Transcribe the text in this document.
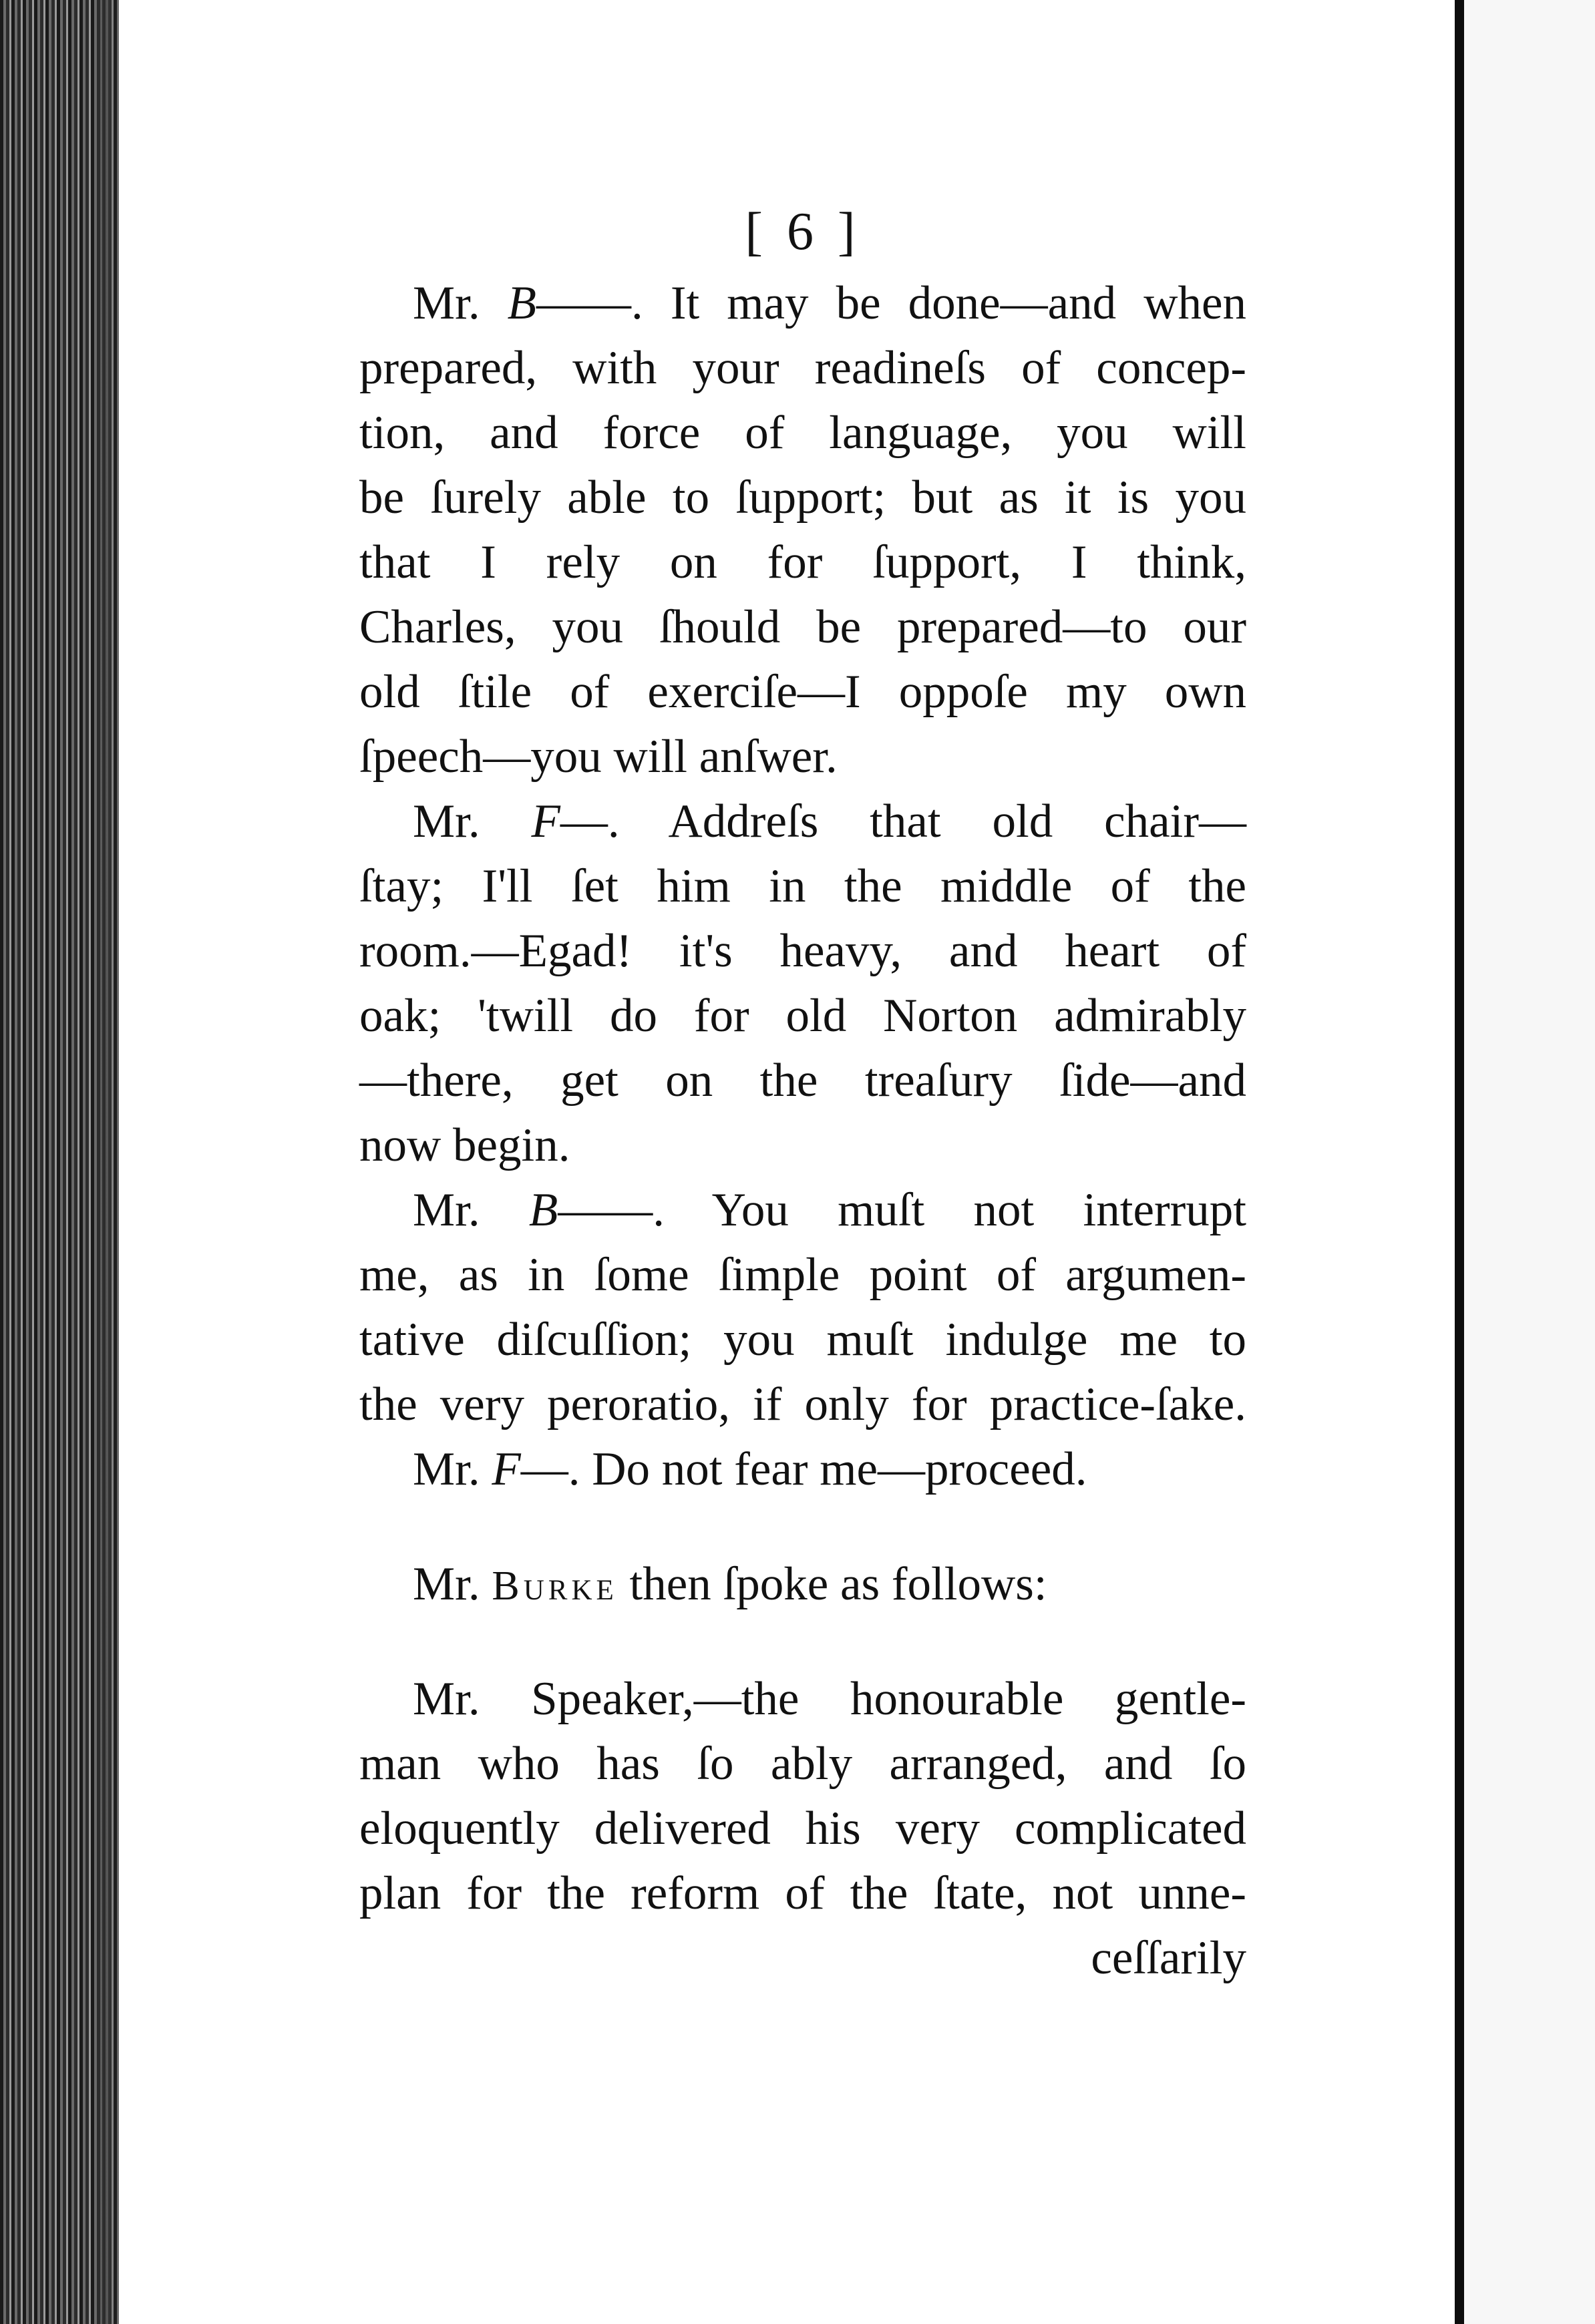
[ 6 ]
Mr. B——. It may be done—and when
prepared, with your readineſs of concep-
tion, and force of language, you will
be ſurely able to ſupport; but as it is you
that I rely on for ſupport, I think,
Charles, you ſhould be prepared—to our
old ſtile of exerciſe—I oppoſe my own
ſpeech—you will anſwer.
Mr. F—. Addreſs that old chair—
ſtay; I'll ſet him in the middle of the
room.—Egad! it's heavy, and heart of
oak; 'twill do for old Norton admirably
—there, get on the treaſury ſide—and
now begin.
Mr. B——. You muſt not interrupt
me, as in ſome ſimple point of argumen-
tative diſcuſſion; you muſt indulge me to
the very peroratio, if only for practice-ſake.
Mr. F—. Do not fear me—proceed.
Mr. Burke then ſpoke as follows:
Mr. Speaker,—the honourable gentle-
man who has ſo ably arranged, and ſo
eloquently delivered his very complicated
plan for the reform of the ſtate, not unne-
ceſſarily
